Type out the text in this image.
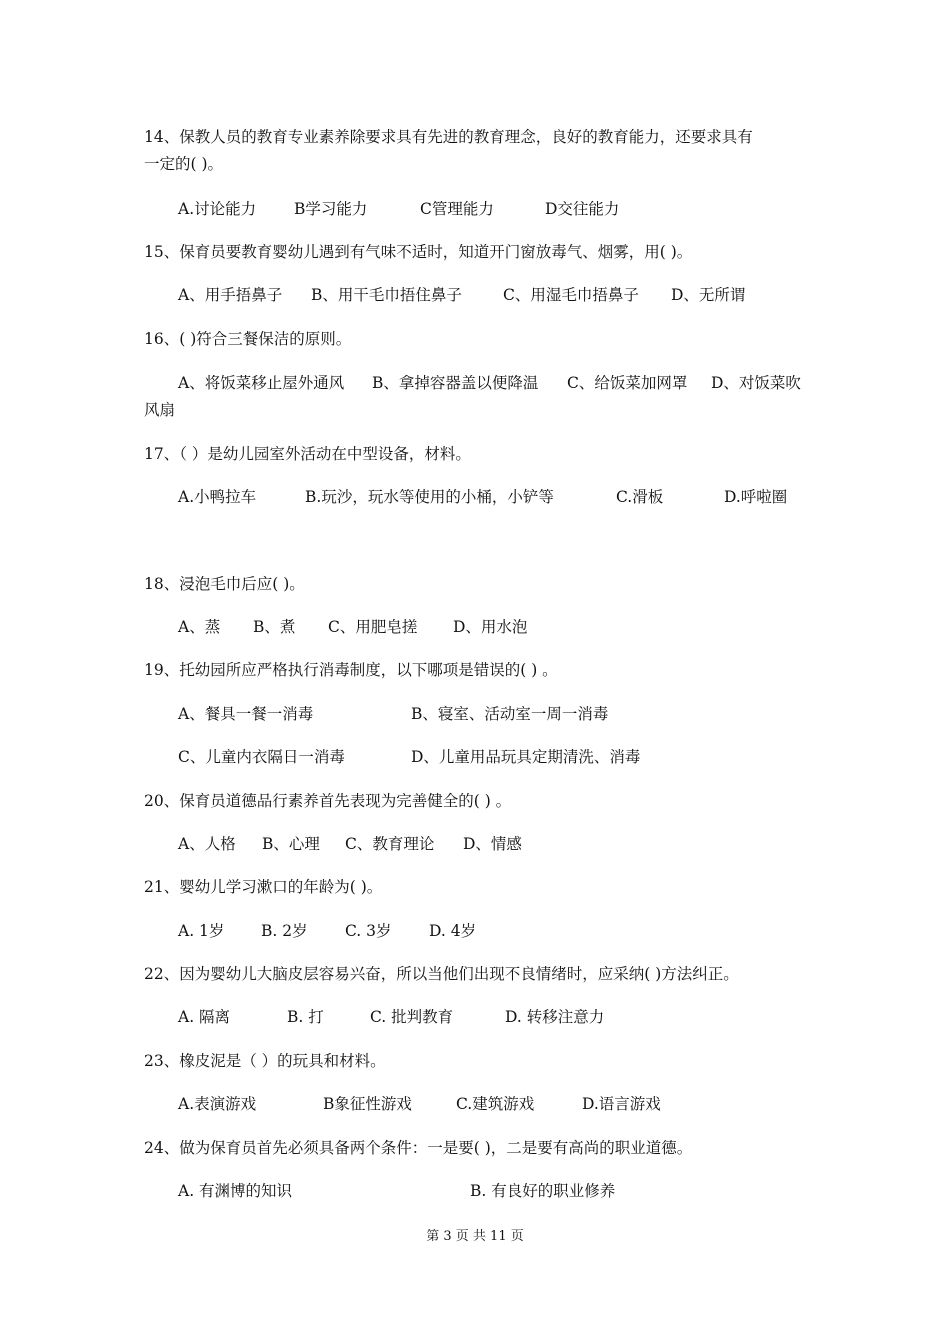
14、保教人员的教育专业素养除要求具有先进的教育理念，良好的教育能力，还要求具有
一定的( )。
A.讨论能力 B学习能力	C管理能力	D交往能力
15、保育员要教育婴幼儿遇到有气味不适时，知道开门窗放毒气、烟雾，用( )。
A、用手捂鼻子 B、用干毛巾捂住鼻子	C、用湿毛巾捂鼻子 D、无所谓
16、( )符合三餐保洁的原则。
A、将饭菜移止屋外通风 B、拿掉容器盖以便降温 C、给饭菜加网罩 D、对饭菜吹
风扇
17、（ ）是幼儿园室外活动在中型设备，材料。
A.小鸭拉车	B.玩沙，玩水等使用的小桶，小铲等	C.滑板	D.呼啦圈
18、浸泡毛巾后应( )。
A、蒸 B、煮 C、用肥皂搓 D、用水泡
19、托幼园所应严格执行消毒制度，以下哪项是错误的( ) 。
A、餐具一餐一消毒	B、寝室、活动室一周一消毒
C、儿童内衣隔日一消毒	D、儿童用品玩具定期清洗、消毒
20、保育员道德品行素养首先表现为完善健全的( ) 。
A、人格 B、心理 C、教育理论 D、情感
21、婴幼儿学习漱口的年龄为( )。
A. 1岁 B. 2岁 C. 3岁 D. 4岁
22、因为婴幼儿大脑皮层容易兴奋，所以当他们出现不良情绪时，应采纳( )方法纠正。
A. 隔离	B. 打	C. 批判教育	D. 转移注意力
23、橡皮泥是（ ）的玩具和材料。
A.表演游戏	B象征性游戏	C.建筑游戏	D.语言游戏
24、做为保育员首先必须具备两个条件：一是要( )，二是要有高尚的职业道德。
A. 有渊博的知识	B. 有良好的职业修养
第 3 页 共 11 页
